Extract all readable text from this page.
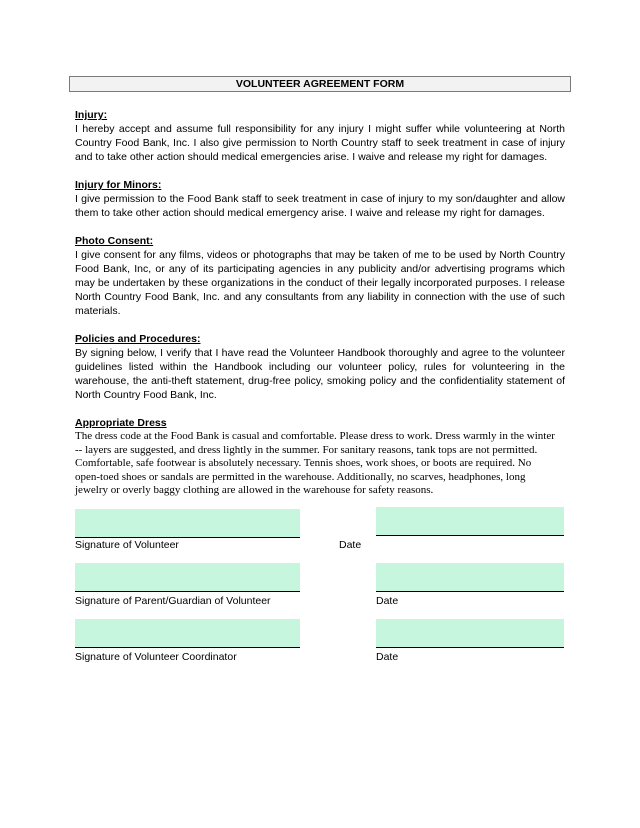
VOLUNTEER AGREEMENT FORM
Injury:

I hereby accept and assume full responsibility for any injury I might suffer while volunteering at North Country Food Bank, Inc. I also give permission to North Country staff to seek treatment in case of injury and to take other action should medical emergencies arise. I waive and release my right for damages.

Injury for Minors:

I give permission to the Food Bank staff to seek treatment in case of injury to my son/daughter and allow them to take other action should medical emergency arise. I waive and release my right for damages.

Photo Consent:

I give consent for any films, videos or photographs that may be taken of me to be used by North Country Food Bank, Inc, or any of its participating agencies in any publicity and/or advertising programs which may be undertaken by these organizations in the conduct of their legally incorporated purposes. I release North Country Food Bank, Inc. and any consultants from any liability in connection with the use of such materials.

Policies and Procedures:

By signing below, I verify that I have read the Volunteer Handbook thoroughly and agree to the volunteer guidelines listed within the Handbook including our volunteer policy, rules for volunteering in the warehouse, the anti-theft statement, drug-free policy, smoking policy and the confidentiality statement of North Country Food Bank, Inc.

Appropriate Dress

The dress code at the Food Bank is casual and comfortable. Please dress to work. Dress warmly in the winter -- layers are suggested, and dress lightly in the summer. For sanitary reasons, tank tops are not permitted. Comfortable, safe footwear is absolutely necessary. Tennis shoes, work shoes, or boots are required. No open-toed shoes or sandals are permitted in the warehouse. Additionally, no scarves, headphones, long jewelry or overly baggy clothing are allowed in the warehouse for safety reasons.

Signature of Volunteer	Date
Signature of Parent/Guardian of Volunteer	Date
Signature of Volunteer Coordinator	Date
